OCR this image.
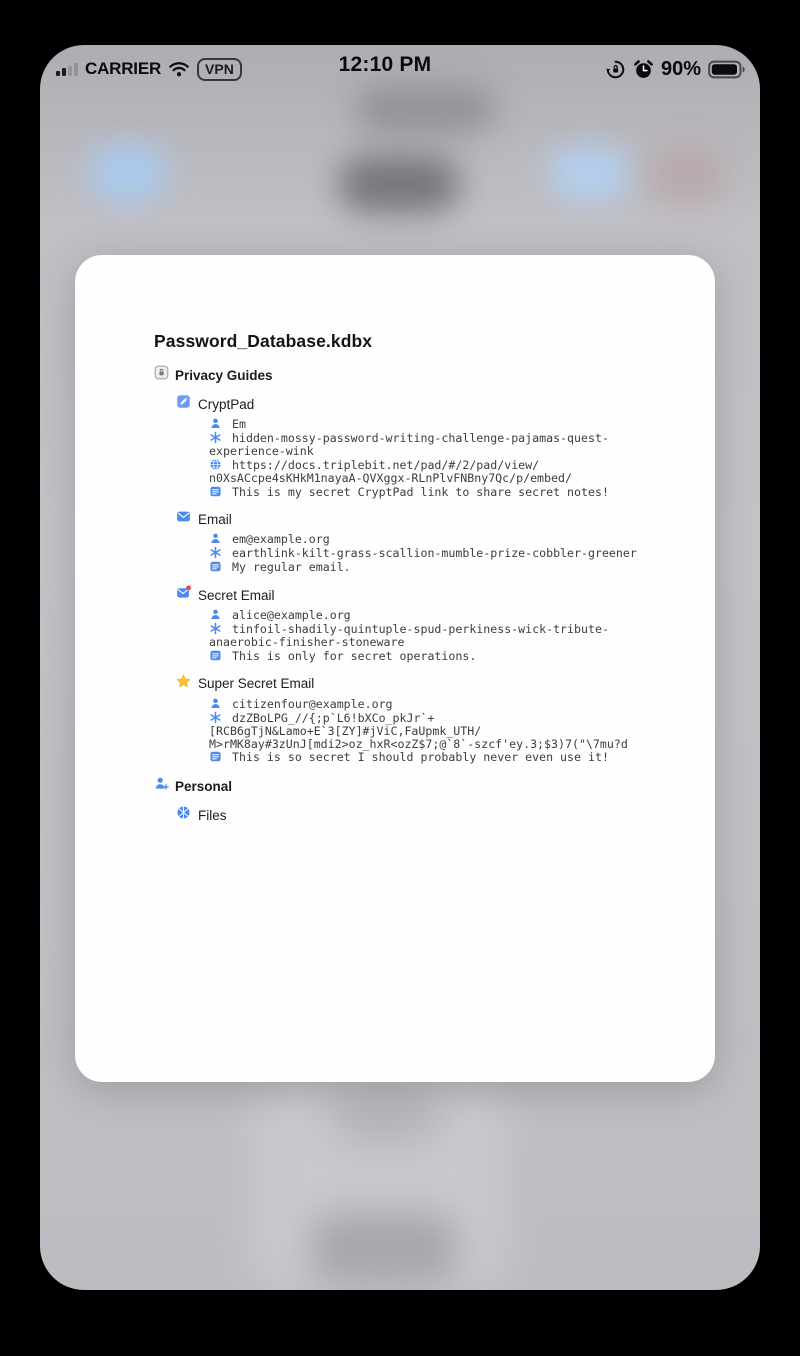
CARRIER	VPN	12:10 PM	90%
Password_Database.kdbx
Privacy Guides
CryptPad
Em
hidden-mossy-password-writing-challenge-pajamas-quest-
experience-wink
https://docs.triplebit.net/pad/#/2/pad/view/
n0XsACcpe4sKHkM1nayaA-QVXggx-RLnPlvFNBny7Qc/p/embed/
This is my secret CryptPad link to share secret notes!
Email
em@example.org
earthlink-kilt-grass-scallion-mumble-prize-cobbler-greener
My regular email.
Secret Email
alice@example.org
tinfoil-shadily-quintuple-spud-perkiness-wick-tribute-
anaerobic-finisher-stoneware
This is only for secret operations.
Super Secret Email
citizenfour@example.org
dzZBoLPG_//{;p`L6!bXCo_pkJr`+
[RCB6gTjN&Lamo+E`3[ZY]#jViC,FaUpmk_UTH/
M>rMK8ay#3zUnJ[mdi2>oz_hxR<ozZ$7;@`8`-szcf'ey.3;$3)7("\7mu?d
This is so secret I should probably never even use it!
Personal
Files
